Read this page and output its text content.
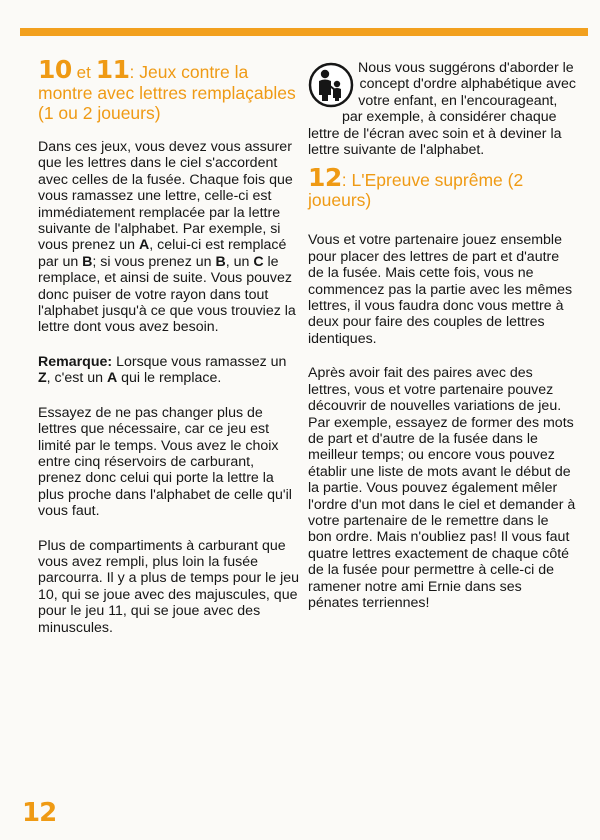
10 et 11: Jeux contre la montre avec lettres remplaçables (1 ou 2 joueurs)

Dans ces jeux, vous devez vous assurer que les lettres dans le ciel s'accordent avec celles de la fusée. Chaque fois que vous ramassez une lettre, celle-ci est immédiatement remplacée par la lettre suivante de l'alphabet. Par exemple, si vous prenez un A, celui-ci est remplacé par un B; si vous prenez un B, un C le remplace, et ainsi de suite. Vous pouvez donc puiser de votre rayon dans tout l'alphabet jusqu'à ce que vous trouviez la lettre dont vous avez besoin.

Remarque: Lorsque vous ramassez un Z, c'est un A qui le remplace.

Essayez de ne pas changer plus de lettres que nécessaire, car ce jeu est limité par le temps. Vous avez le choix entre cinq réservoirs de carburant, prenez donc celui qui porte la lettre la plus proche dans l'alphabet de celle qu'il vous faut.

Plus de compartiments à carburant que vous avez rempli, plus loin la fusée parcourra. Il y a plus de temps pour le jeu 10, qui se joue avec des majuscules, que pour le jeu 11, qui se joue avec des minuscules.

Nous vous suggérons d'aborder le concept d'ordre alphabétique avec votre enfant, en l'encourageant, par exemple, à considérer chaque lettre de l'écran avec soin et à deviner la lettre suivante de l'alphabet.

12: L'Epreuve suprême (2 joueurs)

Vous et votre partenaire jouez ensemble pour placer des lettres de part et d'autre de la fusée. Mais cette fois, vous ne commencez pas la partie avec les mêmes lettres, il vous faudra donc vous mettre à deux pour faire des couples de lettres identiques.

Après avoir fait des paires avec des lettres, vous et votre partenaire pouvez découvrir de nouvelles variations de jeu. Par exemple, essayez de former des mots de part et d'autre de la fusée dans le meilleur temps; ou encore vous pouvez établir une liste de mots avant le début de la partie. Vous pouvez également mêler l'ordre d'un mot dans le ciel et demander à votre partenaire de le remettre dans le bon ordre. Mais n'oubliez pas! Il vous faut quatre lettres exactement de chaque côté de la fusée pour permettre à celle-ci de ramener notre ami Ernie dans ses pénates terriennes!

12
